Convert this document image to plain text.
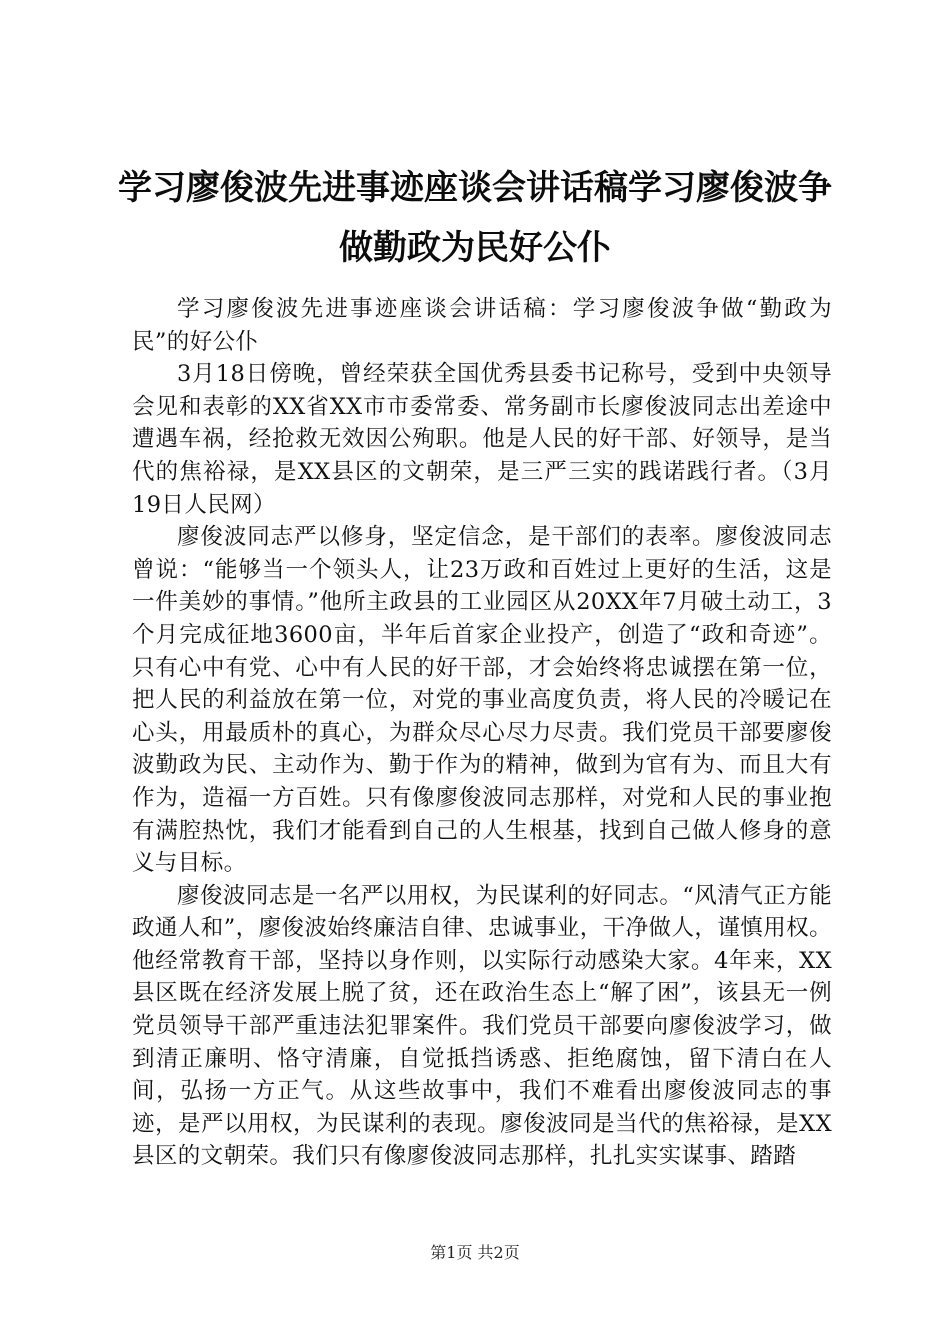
学习廖俊波先进事迹座谈会讲话稿学习廖俊波争做勤政为民好公仆

学习廖俊波先进事迹座谈会讲话稿：学习廖俊波争做“勤政为民”的好公仆

3月18日傍晚，曾经荣获全国优秀县委书记称号，受到中央领导会见和表彰的XX省XX市市委常委、常务副市长廖俊波同志出差途中遭遇车祸，经抢救无效因公殉职。他是人民的好干部、好领导，是当代的焦裕禄，是XX县区的文朝荣，是三严三实的践诺践行者。（3月19日人民网）

廖俊波同志严以修身，坚定信念，是干部们的表率。廖俊波同志曾说：“能够当一个领头人，让23万政和百姓过上更好的生活，这是一件美妙的事情。”他所主政县的工业园区从20XX年7月破土动工，3个月完成征地3600亩，半年后首家企业投产，创造了“政和奇迹”。只有心中有党、心中有人民的好干部，才会始终将忠诚摆在第一位，把人民的利益放在第一位，对党的事业高度负责，将人民的冷暖记在心头，用最质朴的真心，为群众尽心尽力尽责。我们党员干部要廖俊波勤政为民、主动作为、勤于作为的精神，做到为官有为、而且大有作为，造福一方百姓。只有像廖俊波同志那样，对党和人民的事业抱有满腔热忱，我们才能看到自己的人生根基，找到自己做人修身的意义与目标。

廖俊波同志是一名严以用权，为民谋利的好同志。“风清气正方能政通人和”，廖俊波始终廉洁自律、忠诚事业，干净做人，谨慎用权。他经常教育干部，坚持以身作则，以实际行动感染大家。4年来，XX县区既在经济发展上脱了贫，还在政治生态上“解了困”，该县无一例党员领导干部严重违法犯罪案件。我们党员干部要向廖俊波学习，做到清正廉明、恪守清廉，自觉抵挡诱惑、拒绝腐蚀，留下清白在人间，弘扬一方正气。从这些故事中，我们不难看出廖俊波同志的事迹，是严以用权，为民谋利的表现。廖俊波同是当代的焦裕禄，是XX县区的文朝荣。我们只有像廖俊波同志那样，扎扎实实谋事、踏踏

第1页 共2页
